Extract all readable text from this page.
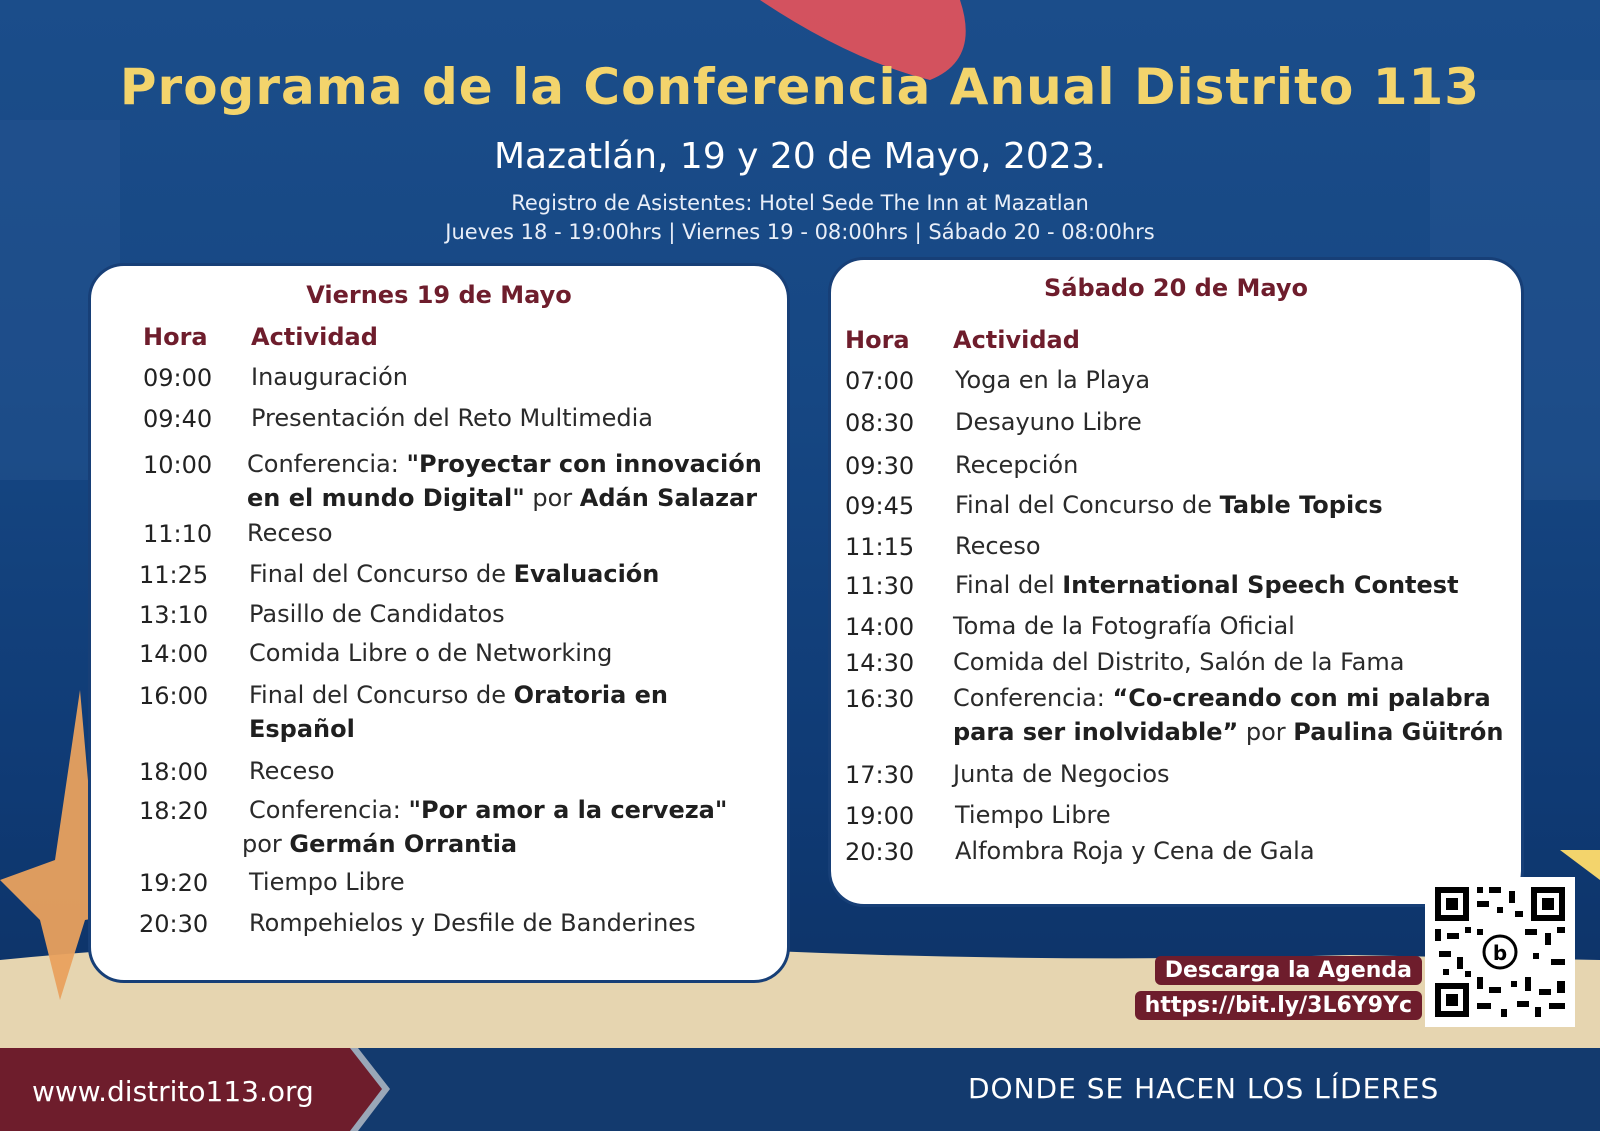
Programa de la Conferencia Anual Distrito 113
Mazatlán, 19 y 20 de Mayo, 2023.
Registro de Asistentes: Hotel Sede The Inn at Mazatlan
Jueves 18 - 19:00hrs | Viernes 19 - 08:00hrs | Sábado 20 - 08:00hrs
Viernes 19 de Mayo
Hora Actividad
09:00 Inauguración
09:40 Presentación del Reto Multimedia
10:00 Conferencia: "Proyectar con innovación en el mundo Digital" por Adán Salazar
11:10 Receso
11:25 Final del Concurso de Evaluación
13:10 Pasillo de Candidatos
14:00 Comida Libre o de Networking
16:00 Final del Concurso de Oratoria en Español
18:00 Receso
18:20 Conferencia: "Por amor a la cerveza"
por Germán Orrantia
19:20 Tiempo Libre
20:30 Rompehielos y Desfile de Banderines
Sábado 20 de Mayo
Hora Actividad
07:00 Yoga en la Playa
08:30 Desayuno Libre
09:30 Recepción
09:45 Final del Concurso de Table Topics
11:15 Receso
11:30 Final del International Speech Contest
14:00 Toma de la Fotografía Oficial
14:30 Comida del Distrito, Salón de la Fama
16:30 Conferencia: “Co-creando con mi palabra para ser inolvidable” por Paulina Güitrón
17:30 Junta de Negocios
19:00 Tiempo Libre
20:30 Alfombra Roja y Cena de Gala
Descarga la Agenda
https://bit.ly/3L6Y9Yc
b
www.distrito113.org	DONDE SE HACEN LOS LÍDERES
